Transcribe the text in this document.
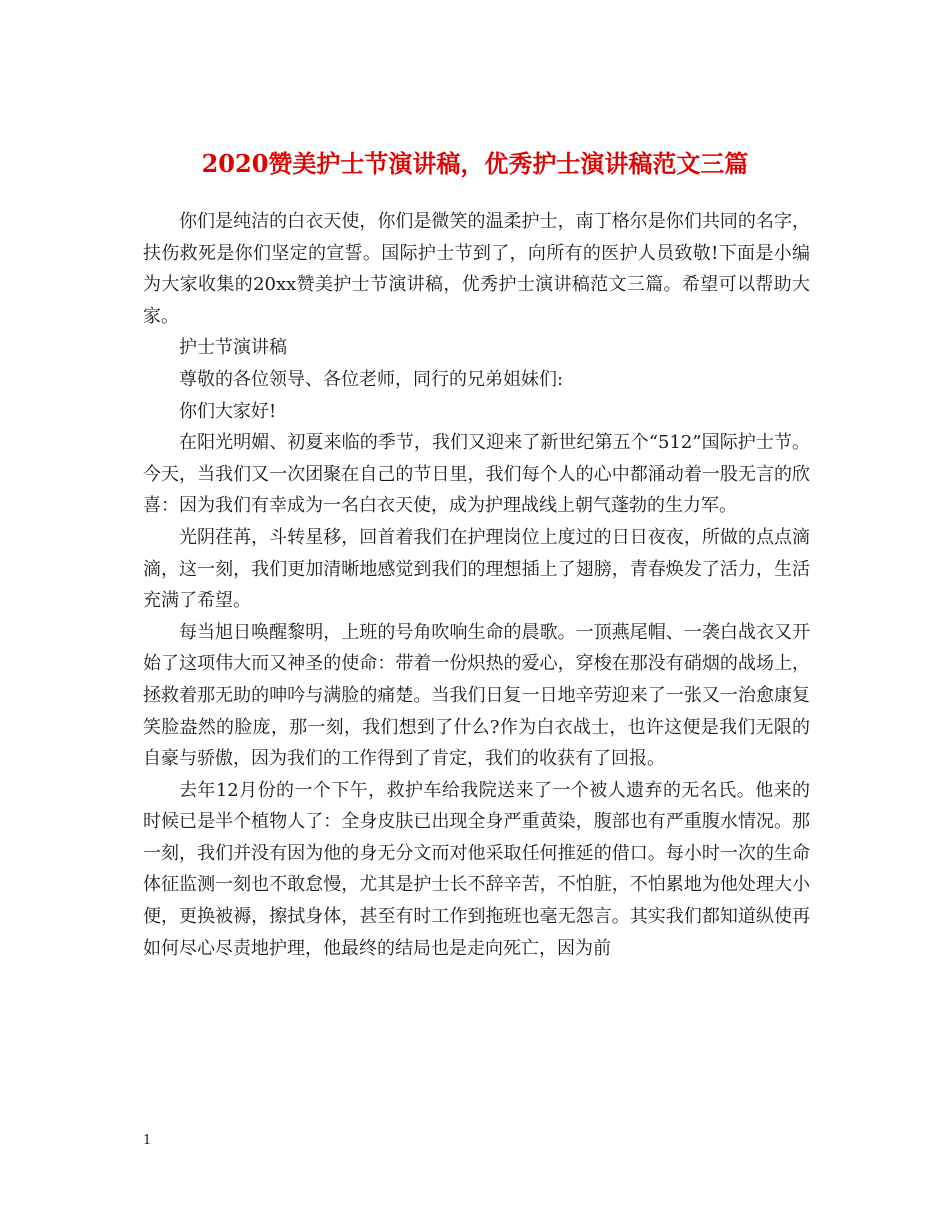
2020赞美护士节演讲稿，优秀护士演讲稿范文三篇

你们是纯洁的白衣天使，你们是微笑的温柔护士，南丁格尔是你们共同的名字，扶伤救死是你们坚定的宣誓。国际护士节到了，向所有的医护人员致敬!下面是小编为大家收集的20xx赞美护士节演讲稿，优秀护士演讲稿范文三篇。希望可以帮助大家。

护士节演讲稿

尊敬的各位领导、各位老师，同行的兄弟姐妹们:

你们大家好!

在阳光明媚、初夏来临的季节，我们又迎来了新世纪第五个“512”国际护士节。今天，当我们又一次团聚在自己的节日里，我们每个人的心中都涌动着一股无言的欣喜：因为我们有幸成为一名白衣天使，成为护理战线上朝气蓬勃的生力军。

光阴荏苒，斗转星移，回首着我们在护理岗位上度过的日日夜夜，所做的点点滴滴，这一刻，我们更加清晰地感觉到我们的理想插上了翅膀，青春焕发了活力，生活充满了希望。

每当旭日唤醒黎明，上班的号角吹响生命的晨歌。一顶燕尾帽、一袭白战衣又开始了这项伟大而又神圣的使命：带着一份炽热的爱心，穿梭在那没有硝烟的战场上，拯救着那无助的呻吟与满脸的痛楚。当我们日复一日地辛劳迎来了一张又一治愈康复笑脸盎然的脸庞，那一刻，我们想到了什么?作为白衣战士，也许这便是我们无限的自豪与骄傲，因为我们的工作得到了肯定，我们的收获有了回报。

去年12月份的一个下午，救护车给我院送来了一个被人遗弃的无名氏。他来的时候已是半个植物人了：全身皮肤已出现全身严重黄染，腹部也有严重腹水情况。那一刻，我们并没有因为他的身无分文而对他采取任何推延的借口。每小时一次的生命体征监测一刻也不敢怠慢，尤其是护士长不辞辛苦，不怕脏，不怕累地为他处理大小便，更换被褥，擦拭身体，甚至有时工作到拖班也毫无怨言。其实我们都知道纵使再如何尽心尽责地护理，他最终的结局也是走向死亡，因为前

1
